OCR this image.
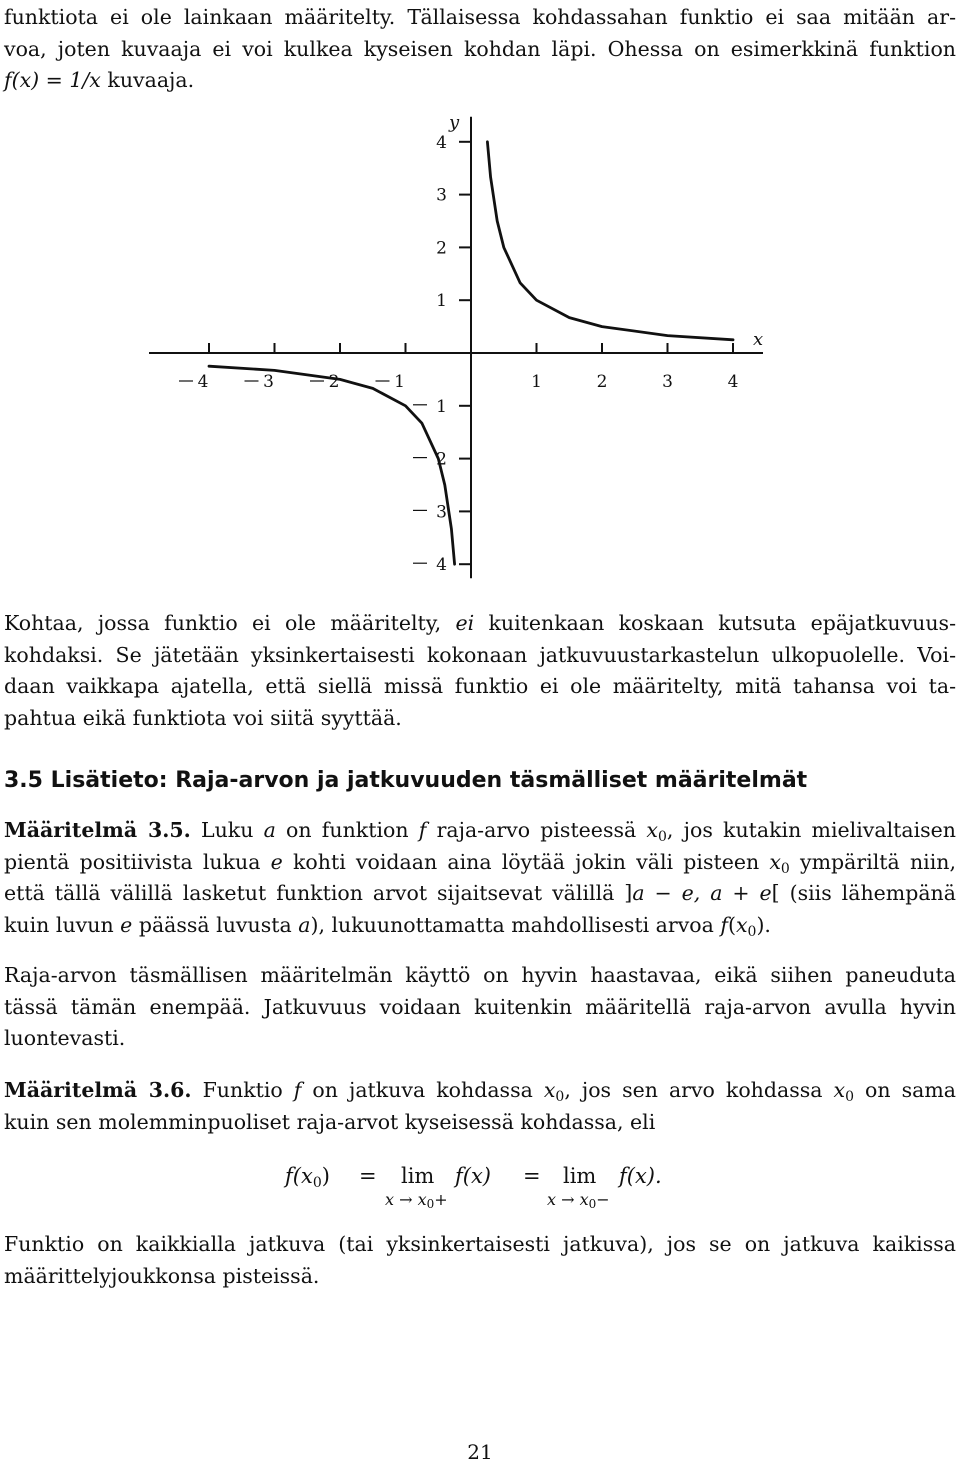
funktiota ei ole lainkaan määritelty. Tällaisessa kohdassahan funktio ei saa mitään ar-
voa, joten kuvaaja ei voi kulkea kyseisen kohdan läpi. Ohessa on esimerkkinä funktion
f(x) = 1/x kuvaaja.
4	3	2	1	1	2	3	4
4
3
2
1
1
2
3
4
x
y
Kohtaa, jossa funktio ei ole määritelty, ei kuitenkaan koskaan kutsuta epäjatkuvuus-
kohdaksi. Se jätetään yksinkertaisesti kokonaan jatkuvuustarkastelun ulkopuolelle. Voi-
daan vaikkapa ajatella, että siellä missä funktio ei ole määritelty, mitä tahansa voi ta-
pahtua eikä funktiota voi siitä syyttää.
3.5 Lisätieto: Raja-arvon ja jatkuvuuden täsmälliset määritelmät
Määritelmä 3.5. Luku a on funktion f raja-arvo pisteessä $x_0$, jos kutakin mielivaltaisen
pientä positiivista lukua e kohti voidaan aina löytää jokin väli pisteen $x_0$ ympäriltä niin,
että tällä välillä lasketut funktion arvot sijaitsevat välillä ]a − e, a + e[ (siis lähempänä
kuin luvun e päässä luvusta a), lukuunottamatta mahdollisesti arvoa $f(x_0)$.
Raja-arvon täsmällisen määritelmän käyttö on hyvin haastavaa, eikä siihen paneuduta
tässä tämän enempää. Jatkuvuus voidaan kuitenkin määritellä raja-arvon avulla hyvin
luontevasti.
Määritelmä 3.6. Funktio f on jatkuva kohdassa $x_0$, jos sen arvo kohdassa $x_0$ on sama
kuin sen molemminpuoliset raja-arvot kyseisessä kohdassa, eli
$f(x_0) = \lim$
x → x0+
f(x) = lim
x → x0−
f(x).
Funktio on kaikkialla jatkuva (tai yksinkertaisesti jatkuva), jos se on jatkuva kaikissa
määrittelyjoukkonsa pisteissä.
21
